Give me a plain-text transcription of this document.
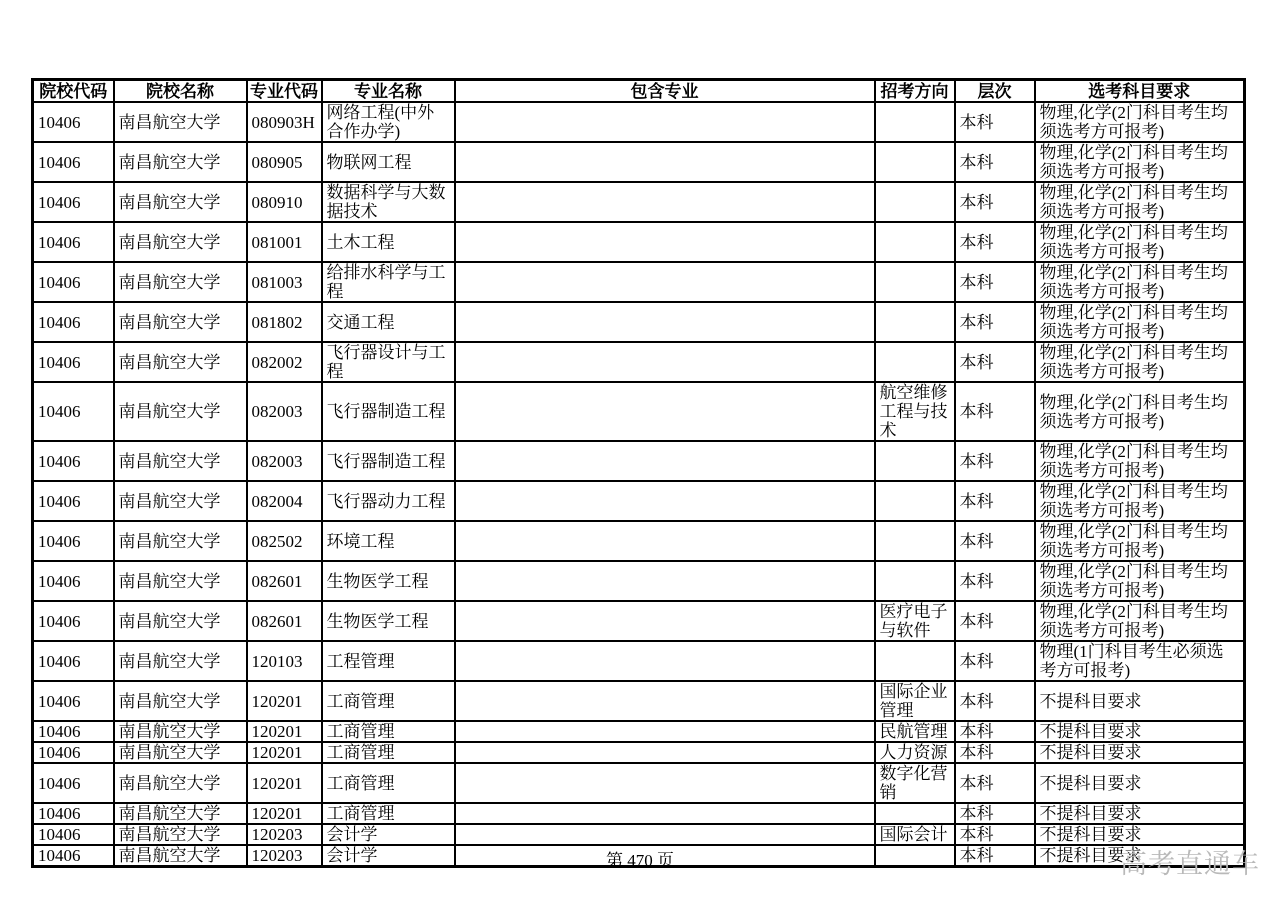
院校代码	院校名称	专业代码	专业名称	包含专业	招考方向	层次	选考科目要求
10406	南昌航空大学	080903H	网络工程(中外合作办学)			本科	物理,化学(2门科目考生均须选考方可报考)
10406	南昌航空大学	080905	物联网工程			本科	物理,化学(2门科目考生均须选考方可报考)
10406	南昌航空大学	080910	数据科学与大数据技术			本科	物理,化学(2门科目考生均须选考方可报考)
10406	南昌航空大学	081001	土木工程			本科	物理,化学(2门科目考生均须选考方可报考)
10406	南昌航空大学	081003	给排水科学与工程			本科	物理,化学(2门科目考生均须选考方可报考)
10406	南昌航空大学	081802	交通工程			本科	物理,化学(2门科目考生均须选考方可报考)
10406	南昌航空大学	082002	飞行器设计与工程			本科	物理,化学(2门科目考生均须选考方可报考)
10406	南昌航空大学	082003	飞行器制造工程		航空维修工程与技术	本科	物理,化学(2门科目考生均须选考方可报考)
10406	南昌航空大学	082003	飞行器制造工程			本科	物理,化学(2门科目考生均须选考方可报考)
10406	南昌航空大学	082004	飞行器动力工程			本科	物理,化学(2门科目考生均须选考方可报考)
10406	南昌航空大学	082502	环境工程			本科	物理,化学(2门科目考生均须选考方可报考)
10406	南昌航空大学	082601	生物医学工程			本科	物理,化学(2门科目考生均须选考方可报考)
10406	南昌航空大学	082601	生物医学工程		医疗电子与软件	本科	物理,化学(2门科目考生均须选考方可报考)
10406	南昌航空大学	120103	工程管理			本科	物理(1门科目考生必须选考方可报考)
10406	南昌航空大学	120201	工商管理		国际企业管理	本科	不提科目要求
10406	南昌航空大学	120201	工商管理		民航管理	本科	不提科目要求
10406	南昌航空大学	120201	工商管理		人力资源	本科	不提科目要求
10406	南昌航空大学	120201	工商管理		数字化营销	本科	不提科目要求
10406	南昌航空大学	120201	工商管理			本科	不提科目要求
10406	南昌航空大学	120203	会计学		国际会计	本科	不提科目要求
10406	南昌航空大学	120203	会计学			本科	不提科目要求
第 470 页	高考直通车
